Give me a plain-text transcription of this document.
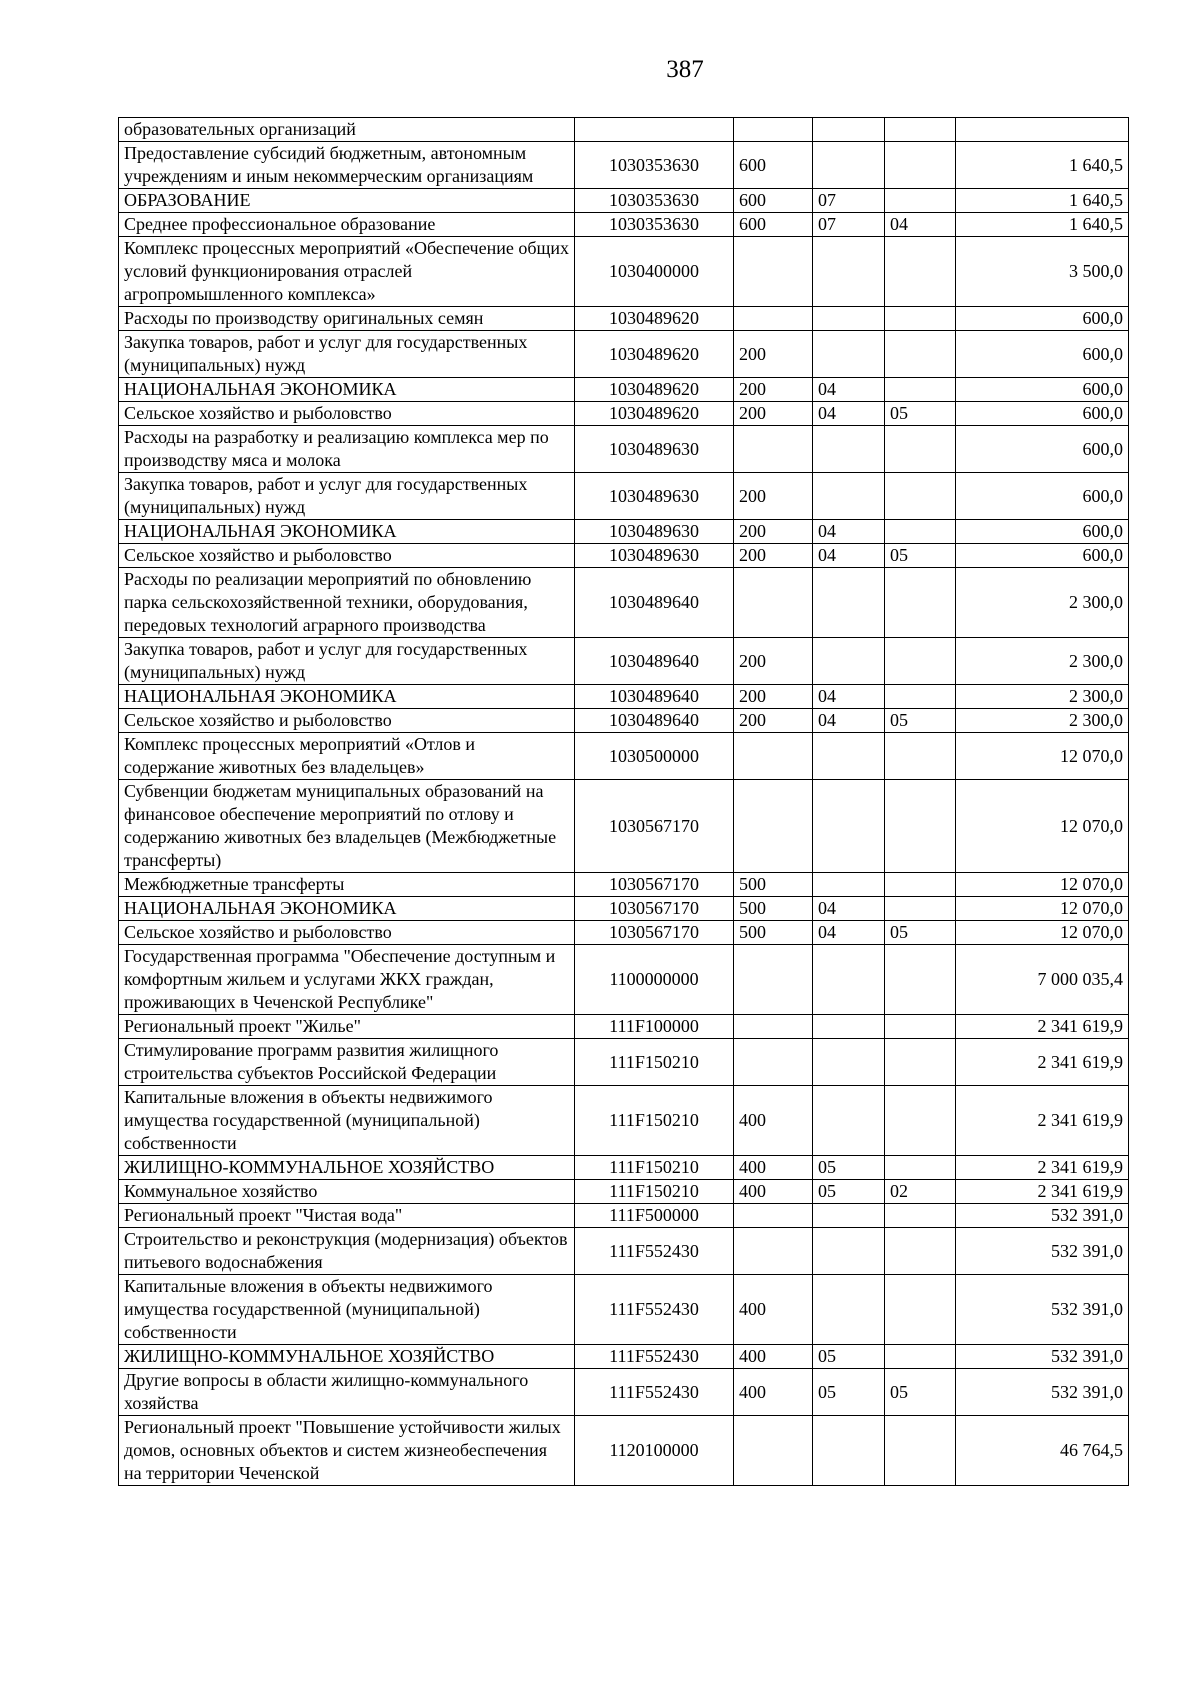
387
образовательных организаций					
Предоставление субсидий бюджетным, автономным учреждениям и иным некоммерческим организациям	1030353630	600			1 640,5
ОБРАЗОВАНИЕ	1030353630	600	07		1 640,5
Среднее профессиональное образование	1030353630	600	07	04	1 640,5
Комплекс процессных мероприятий «Обеспечение общих условий функционирования отраслей агропромышленного комплекса»	1030400000				3 500,0
Расходы по производству оригинальных семян	1030489620				600,0
Закупка товаров, работ и услуг для государственных (муниципальных) нужд	1030489620	200			600,0
НАЦИОНАЛЬНАЯ ЭКОНОМИКА	1030489620	200	04		600,0
Сельское хозяйство и рыболовство	1030489620	200	04	05	600,0
Расходы на разработку и реализацию комплекса мер по производству мяса и молока	1030489630				600,0
Закупка товаров, работ и услуг для государственных (муниципальных) нужд	1030489630	200			600,0
НАЦИОНАЛЬНАЯ ЭКОНОМИКА	1030489630	200	04		600,0
Сельское хозяйство и рыболовство	1030489630	200	04	05	600,0
Расходы по реализации мероприятий по обновлению парка сельскохозяйственной техники, оборудования, передовых технологий аграрного производства	1030489640				2 300,0
Закупка товаров, работ и услуг для государственных (муниципальных) нужд	1030489640	200			2 300,0
НАЦИОНАЛЬНАЯ ЭКОНОМИКА	1030489640	200	04		2 300,0
Сельское хозяйство и рыболовство	1030489640	200	04	05	2 300,0
Комплекс процессных мероприятий «Отлов и содержание животных без владельцев»	1030500000				12 070,0
Субвенции бюджетам муниципальных образований на финансовое обеспечение мероприятий по отлову и содержанию животных без владельцев (Межбюджетные трансферты)	1030567170				12 070,0
Межбюджетные трансферты	1030567170	500			12 070,0
НАЦИОНАЛЬНАЯ ЭКОНОМИКА	1030567170	500	04		12 070,0
Сельское хозяйство и рыболовство	1030567170	500	04	05	12 070,0
Государственная программа "Обеспечение доступным и комфортным жильем и услугами ЖКХ граждан, проживающих в Чеченской Республике"	1100000000				7 000 035,4
Региональный проект "Жилье"	111F100000				2 341 619,9
Стимулирование программ развития жилищного строительства субъектов Российской Федерации	111F150210				2 341 619,9
Капитальные вложения в объекты недвижимого имущества государственной (муниципальной) собственности	111F150210	400			2 341 619,9
ЖИЛИЩНО-КОММУНАЛЬНОЕ ХОЗЯЙСТВО	111F150210	400	05		2 341 619,9
Коммунальное хозяйство	111F150210	400	05	02	2 341 619,9
Региональный проект "Чистая вода"	111F500000				532 391,0
Строительство и реконструкция (модернизация) объектов питьевого водоснабжения	111F552430				532 391,0
Капитальные вложения в объекты недвижимого имущества государственной (муниципальной) собственности	111F552430	400			532 391,0
ЖИЛИЩНО-КОММУНАЛЬНОЕ ХОЗЯЙСТВО	111F552430	400	05		532 391,0
Другие вопросы в области жилищно-коммунального хозяйства	111F552430	400	05	05	532 391,0
Региональный проект "Повышение устойчивости жилых домов, основных объектов и систем жизнеобеспечения на территории Чеченской	1120100000				46 764,5
